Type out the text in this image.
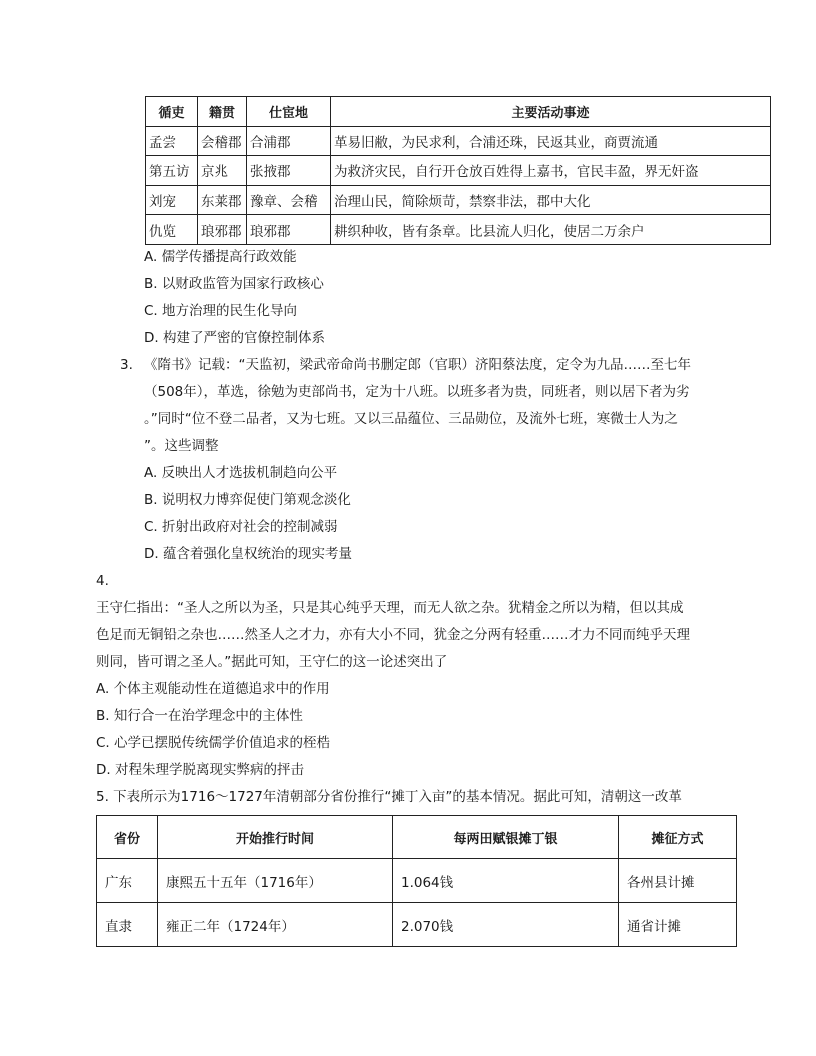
循吏	籍贯	仕宦地	主要活动事迹
孟尝	会稽郡	合浦郡	革易旧敝，为民求利，合浦还珠，民返其业，商贾流通
第五访	京兆	张掖郡	为救济灾民，自行开仓放百姓得上嘉书，官民丰盈，界无奸盗
刘宠	东莱郡	豫章、会稽	治理山民，简除烦苛，禁察非法，郡中大化
仇览	琅邪郡	琅邪郡	耕织种收，皆有条章。比县流人归化，使居二万余户
A. 儒学传播提高行政效能
B. 以财政监管为国家行政核心
C. 地方治理的民生化导向
D. 构建了严密的官僚控制体系
3. 《隋书》记载：“天监初，梁武帝命尚书删定郎（官职）济阳蔡法度，定令为九品……至七年
（508年），革选，徐勉为吏部尚书，定为十八班。以班多者为贵，同班者，则以居下者为劣
。”同时“位不登二品者，又为七班。又以三品蕴位、三品勋位，及流外七班，寒微士人为之
”。这些调整
A. 反映出人才选拔机制趋向公平
B. 说明权力博弈促使门第观念淡化
C. 折射出政府对社会的控制减弱
D. 蕴含着强化皇权统治的现实考量
4.
王守仁指出：“圣人之所以为圣，只是其心纯乎天理，而无人欲之杂。犹精金之所以为精，但以其成
色足而无铜铅之杂也……然圣人之才力，亦有大小不同，犹金之分两有轻重……才力不同而纯乎天理
则同，皆可谓之圣人。”据此可知，王守仁的这一论述突出了
A. 个体主观能动性在道德追求中的作用
B. 知行合一在治学理念中的主体性
C. 心学已摆脱传统儒学价值追求的桎梏
D. 对程朱理学脱离现实弊病的抨击
5. 下表所示为1716～1727年清朝部分省份推行“摊丁入亩”的基本情况。据此可知，清朝这一改革
省份	开始推行时间	每两田赋银摊丁银	摊征方式
广东	康熙五十五年（1716年）	1.064钱	各州县计摊
直隶	雍正二年（1724年）	2.070钱	通省计摊
